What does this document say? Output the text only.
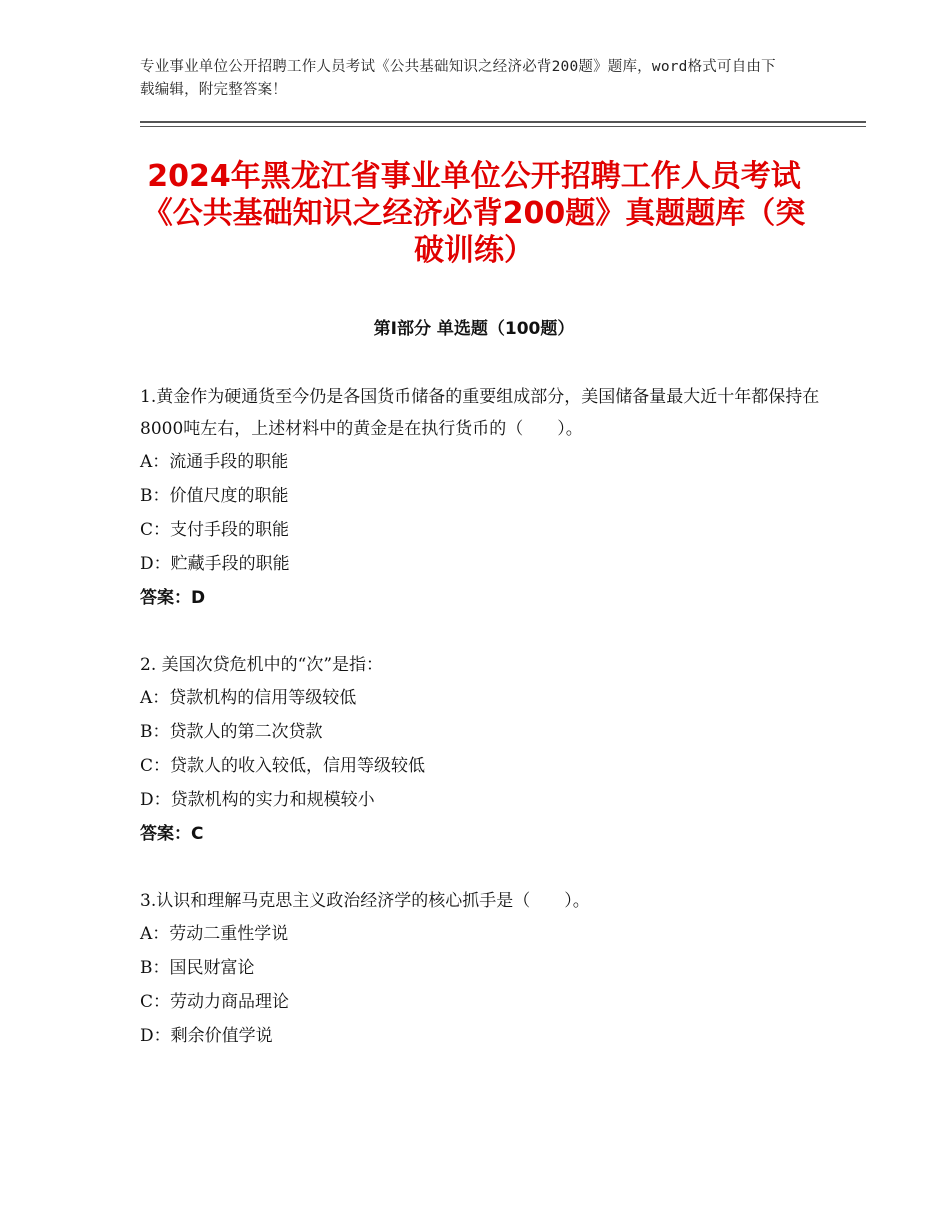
专业事业单位公开招聘工作人员考试《公共基础知识之经济必背200题》题库，word格式可自由下载编辑，附完整答案！
2024年黑龙江省事业单位公开招聘工作人员考试《公共基础知识之经济必背200题》真题题库（突破训练）
第Ⅰ部分 单选题（100题）

1.黄金作为硬通货至今仍是各国货币储备的重要组成部分，美国储备量最大近十年都保持在8000吨左右，上述材料中的黄金是在执行货币的（　　）。

A：流通手段的职能

B：价值尺度的职能

C：支付手段的职能

D：贮藏手段的职能

答案：D

2. 美国次贷危机中的“次”是指：

A：贷款机构的信用等级较低

B：贷款人的第二次贷款

C：贷款人的收入较低，信用等级较低

D：贷款机构的实力和规模较小

答案：C

3.认识和理解马克思主义政治经济学的核心抓手是（　　）。

A：劳动二重性学说

B：国民财富论

C：劳动力商品理论

D：剩余价值学说
